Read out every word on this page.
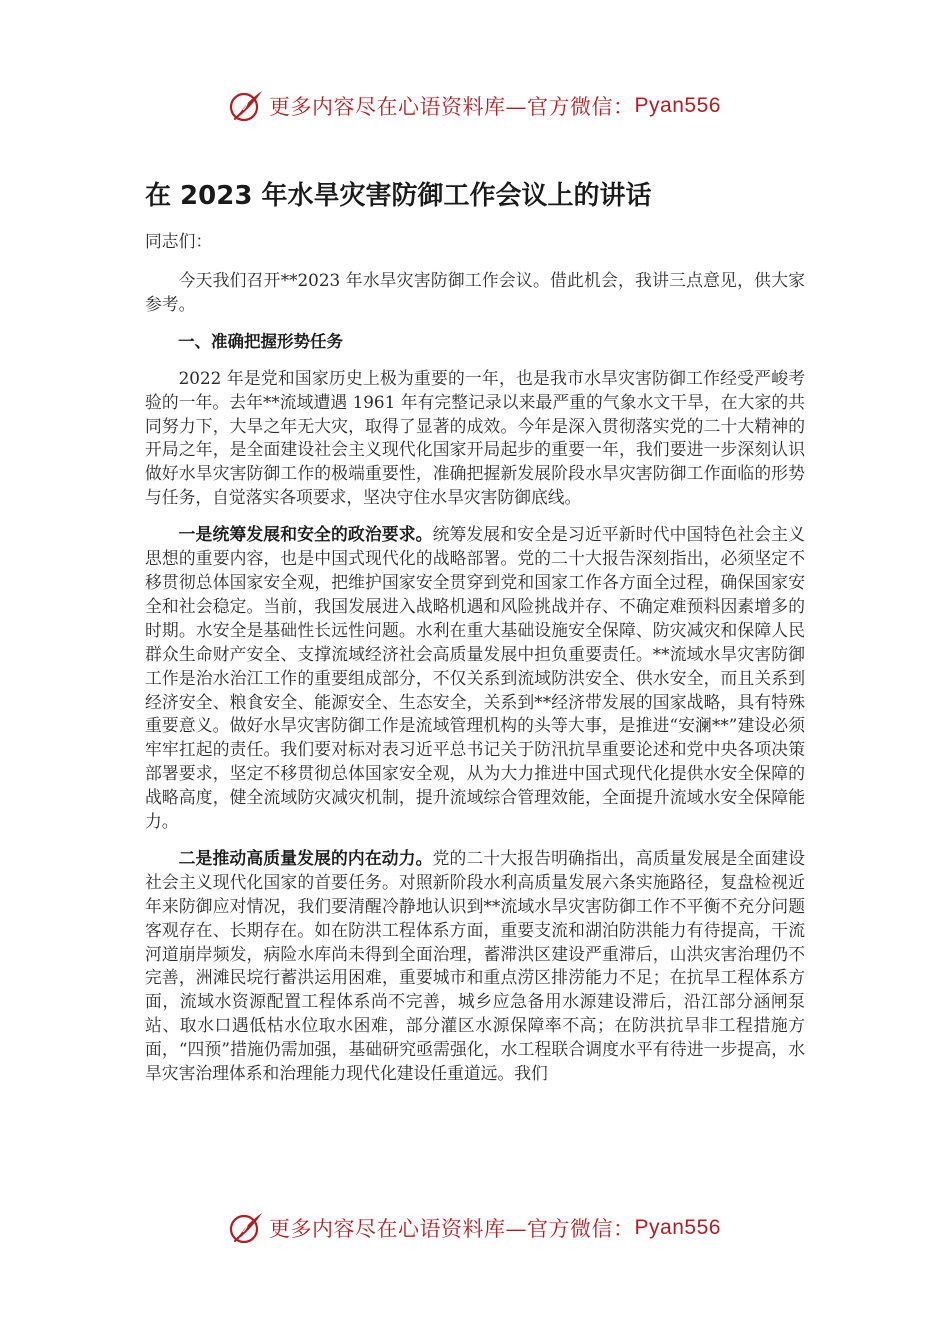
更多内容尽在心语资料库—官方微信： Pyan556
在 2023 年水旱灾害防御工作会议上的讲话

同志们：

今天我们召开**2023 年水旱灾害防御工作会议。借此机会，我讲三点意见，供大家参考。

一、准确把握形势任务

2022 年是党和国家历史上极为重要的一年，也是我市水旱灾害防御工作经受严峻考验的一年。去年**流域遭遇 1961 年有完整记录以来最严重的气象水文干旱，在大家的共同努力下，大旱之年无大灾，取得了显著的成效。今年是深入贯彻落实党的二十大精神的开局之年，是全面建设社会主义现代化国家开局起步的重要一年，我们要进一步深刻认识做好水旱灾害防御工作的极端重要性，准确把握新发展阶段水旱灾害防御工作面临的形势与任务，自觉落实各项要求，坚决守住水旱灾害防御底线。

一是统筹发展和安全的政治要求。统筹发展和安全是习近平新时代中国特色社会主义思想的重要内容，也是中国式现代化的战略部署。党的二十大报告深刻指出，必须坚定不移贯彻总体国家安全观，把维护国家安全贯穿到党和国家工作各方面全过程，确保国家安全和社会稳定。当前，我国发展进入战略机遇和风险挑战并存、不确定难预料因素增多的时期。水安全是基础性长远性问题。水利在重大基础设施安全保障、防灾减灾和保障人民群众生命财产安全、支撑流域经济社会高质量发展中担负重要责任。**流域水旱灾害防御工作是治水治江工作的重要组成部分，不仅关系到流域防洪安全、供水安全，而且关系到经济安全、粮食安全、能源安全、生态安全，关系到**经济带发展的国家战略，具有特殊重要意义。做好水旱灾害防御工作是流域管理机构的头等大事，是推进“安澜**”建设必须牢牢扛起的责任。我们要对标对表习近平总书记关于防汛抗旱重要论述和党中央各项决策部署要求，坚定不移贯彻总体国家安全观，从为大力推进中国式现代化提供水安全保障的战略高度，健全流域防灾减灾机制，提升流域综合管理效能，全面提升流域水安全保障能力。

二是推动高质量发展的内在动力。党的二十大报告明确指出，高质量发展是全面建设社会主义现代化国家的首要任务。对照新阶段水利高质量发展六条实施路径，复盘检视近年来防御应对情况，我们要清醒冷静地认识到**流域水旱灾害防御工作不平衡不充分问题客观存在、长期存在。如在防洪工程体系方面，重要支流和湖泊防洪能力有待提高，干流河道崩岸频发，病险水库尚未得到全面治理，蓄滞洪区建设严重滞后，山洪灾害治理仍不完善，洲滩民垸行蓄洪运用困难，重要城市和重点涝区排涝能力不足；在抗旱工程体系方面，流域水资源配置工程体系尚不完善，城乡应急备用水源建设滞后，沿江部分涵闸泵站、取水口遇低枯水位取水困难，部分灌区水源保障率不高；在防洪抗旱非工程措施方面，“四预”措施仍需加强，基础研究亟需强化，水工程联合调度水平有待进一步提高，水旱灾害治理体系和治理能力现代化建设任重道远。我们

更多内容尽在心语资料库—官方微信： Pyan556
